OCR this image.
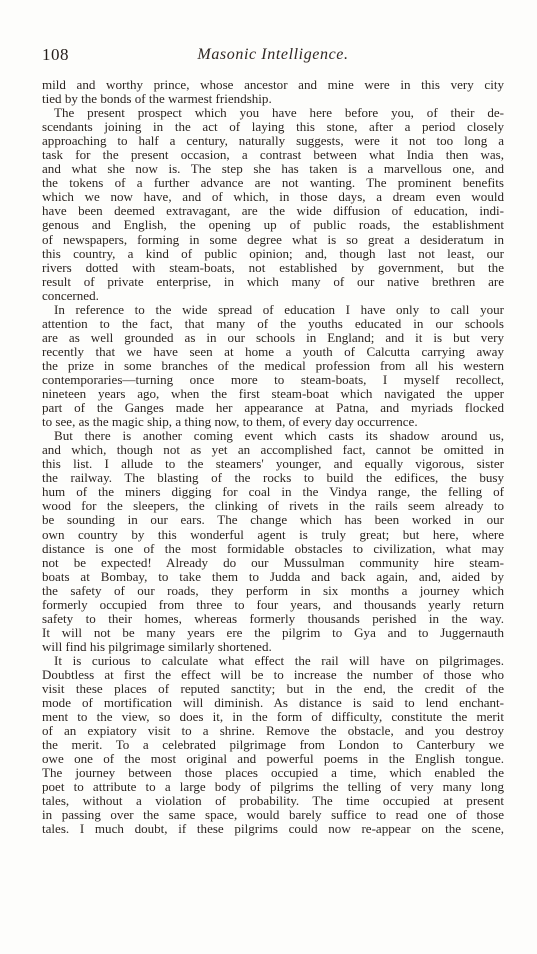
108	Masonic Intelligence.
mild and worthy prince, whose ancestor and mine were in this very city
tied by the bonds of the warmest friendship.
The present prospect which you have here before you, of their de-
scendants joining in the act of laying this stone, after a period closely
approaching to half a century, naturally suggests, were it not too long a
task for the present occasion, a contrast between what India then was,
and what she now is. The step she has taken is a marvellous one, and
the tokens of a further advance are not wanting. The prominent benefits
which we now have, and of which, in those days, a dream even would
have been deemed extravagant, are the wide diffusion of education, indi-
genous and English, the opening up of public roads, the establishment
of newspapers, forming in some degree what is so great a desideratum in
this country, a kind of public opinion; and, though last not least, our
rivers dotted with steam-boats, not established by government, but the
result of private enterprise, in which many of our native brethren are
concerned.
In reference to the wide spread of education I have only to call your
attention to the fact, that many of the youths educated in our schools
are as well grounded as in our schools in England; and it is but very
recently that we have seen at home a youth of Calcutta carrying away
the prize in some branches of the medical profession from all his western
contemporaries—turning once more to steam-boats, I myself recollect,
nineteen years ago, when the first steam-boat which navigated the upper
part of the Ganges made her appearance at Patna, and myriads flocked
to see, as the magic ship, a thing now, to them, of every day occurrence.
But there is another coming event which casts its shadow around us,
and which, though not as yet an accomplished fact, cannot be omitted in
this list. I allude to the steamers' younger, and equally vigorous, sister
the railway. The blasting of the rocks to build the edifices, the busy
hum of the miners digging for coal in the Vindya range, the felling of
wood for the sleepers, the clinking of rivets in the rails seem already to
be sounding in our ears. The change which has been worked in our
own country by this wonderful agent is truly great; but here, where
distance is one of the most formidable obstacles to civilization, what may
not be expected! Already do our Mussulman community hire steam-
boats at Bombay, to take them to Judda and back again, and, aided by
the safety of our roads, they perform in six months a journey which
formerly occupied from three to four years, and thousands yearly return
safety to their homes, whereas formerly thousands perished in the way.
It will not be many years ere the pilgrim to Gya and to Juggernauth
will find his pilgrimage similarly shortened.
It is curious to calculate what effect the rail will have on pilgrimages.
Doubtless at first the effect will be to increase the number of those who
visit these places of reputed sanctity; but in the end, the credit of the
mode of mortification will diminish. As distance is said to lend enchant-
ment to the view, so does it, in the form of difficulty, constitute the merit
of an expiatory visit to a shrine. Remove the obstacle, and you destroy
the merit. To a celebrated pilgrimage from London to Canterbury we
owe one of the most original and powerful poems in the English tongue.
The journey between those places occupied a time, which enabled the
poet to attribute to a large body of pilgrims the telling of very many long
tales, without a violation of probability. The time occupied at present
in passing over the same space, would barely suffice to read one of those
tales. I much doubt, if these pilgrims could now re-appear on the scene,
